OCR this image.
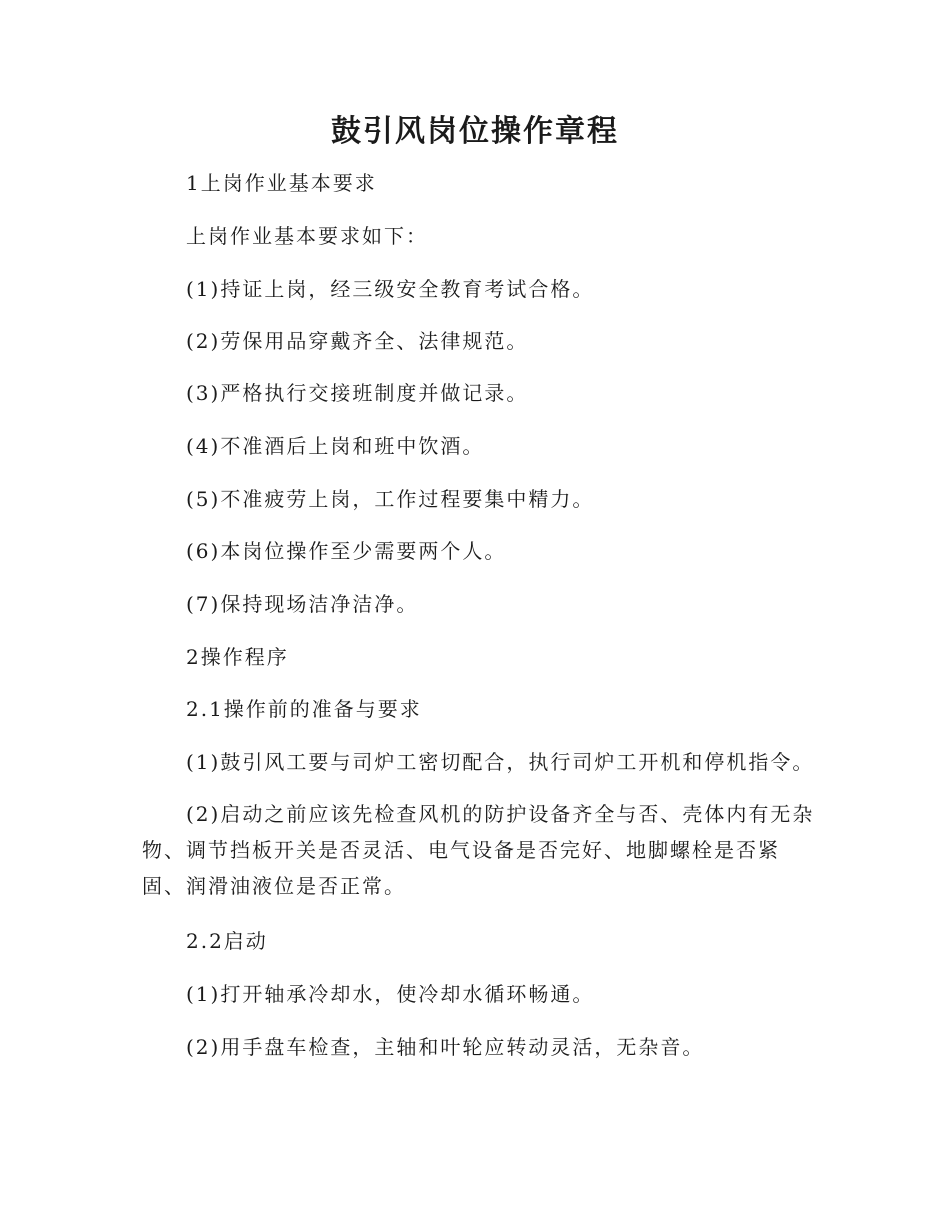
鼓引风岗位操作章程

1上岗作业基本要求

上岗作业基本要求如下：

(1)持证上岗，经三级安全教育考试合格。

(2)劳保用品穿戴齐全、法律规范。

(3)严格执行交接班制度并做记录。

(4)不准酒后上岗和班中饮酒。

(5)不准疲劳上岗，工作过程要集中精力。

(6)本岗位操作至少需要两个人。

(7)保持现场洁净洁净。

2操作程序

2.1操作前的准备与要求

(1)鼓引风工要与司炉工密切配合，执行司炉工开机和停机指令。

(2)启动之前应该先检查风机的防护设备齐全与否、壳体内有无杂物、调节挡板开关是否灵活、电气设备是否完好、地脚螺栓是否紧固、润滑油液位是否正常。

2.2启动

(1)打开轴承冷却水，使冷却水循环畅通。

(2)用手盘车检查，主轴和叶轮应转动灵活，无杂音。
